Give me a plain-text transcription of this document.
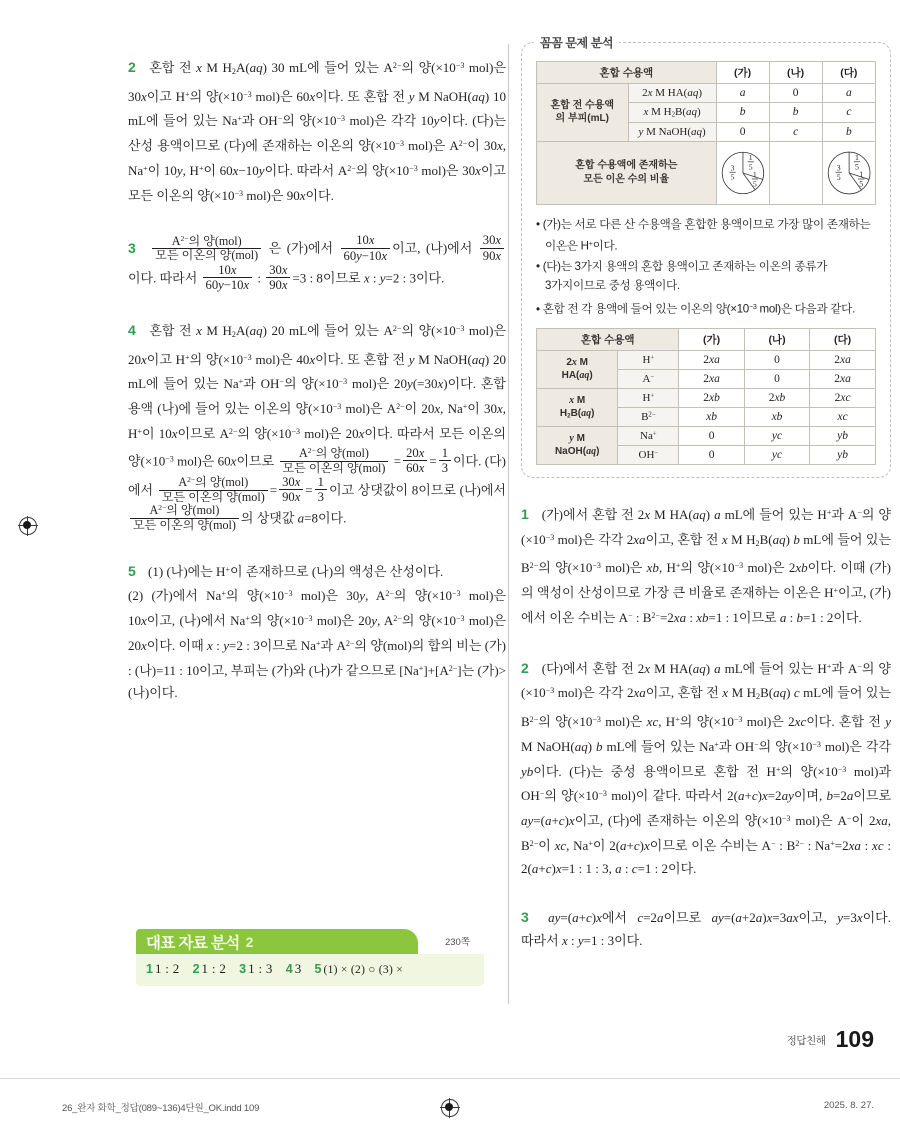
2 혼합 전 x M $H_2A(aq)$ 30 mL에 들어 있는 $A^{2-}$의 양($\times 10^{-3}$ mol)은 30x이고 H+의 양($\times 10^{-3}$ mol)은 60x이다. 또 혼합 전 y M NaOH(aq) 10 mL에 들어 있는 Na+과 OH−의 양($\times 10^{-3}$ mol)은 각각 10y이다. (다)는 산성 용액이므로 (다)에 존재하는 이온의 양($\times 10^{-3}$ mol)은 $A^{2-}$이 30x, Na+이 10y, H+이 60x−10y이다. 따라서 $A^{2-}$의 양($\times 10^{-3}$ mol)은 30x이고 모든 이온의 양($\times 10^{-3}$ mol)은 90x이다.

$3 \frac{A^{2-}의 양(mol)}{\text{모든 이온의 양(mol)}}$ 은 (가)에서 $\frac{10x}{60y-10x}$ 이고, (나)에서 $\frac{30x}{90x}$
이다. 따라서 $\frac{10x}{60y-10x}$ : $\frac{30x}{90x} =3$ : 8이므로 x : y=2 : 3이다.

4 혼합 전 x M $H_2A(aq)$ 20 mL에 들어 있는 $A^{2-}$의 양($\times 10^{-3}$ mol)은 20x이고 H+의 양($\times 10^{-3}$ mol)은 40x이다. 또 혼합 전 y M NaOH(aq) 20 mL에 들어 있는 Na+과 OH−의 양($\times 10^{-3}$ mol)은 20y(=30x)이다. 혼합 용액 (나)에 들어 있는 이온의 양($\times 10^{-3}$ mol)은 $A^{2-}$이 20x, Na+이 30x, H+이 10x이므로 $A^{2-}$의 양($\times 10^{-3}$ mol)은 20x이다. 따라서 모든 이온의 양($\times 10^{-3}$ mol)은 60x이므로 $\frac{A^{2-}의 양(mol)}{\text{모든 이온의 양(mol)}} = \frac{20x}{60x} = \frac{1}{3}$ 이다. (다)에서 $\frac{A^{2-}의 양(mol)}{\text{모든 이온의 양(mol)}} = \frac{30x}{90x} = \frac{1}{3}$ 이고 상댓값이 8이므로 (나)에서
$\frac{A^{2-}의 양(mol)}{\text{모든 이온의 양(mol)}}$ 의 상댓값 a=8이다.

5 (1) (나)에는 H+이 존재하므로 (나)의 액성은 산성이다.
(2) (가)에서 Na+의 양($\times 10^{-3}$ mol)은 30y, $A^{2-}$의 양($\times 10^{-3}$ mol)은 10x이고, (나)에서 Na+의 양($\times 10^{-3}$ mol)은 20y, $A^{2-}$의 양($\times 10^{-3}$ mol)은 20x이다. 이때 x : y=2 : 3이므로 Na+과 $A^{2-}$의 양(mol)의 합의 비는 (가) : (나)=11 : 10이고, 부피는 (가)와 (나)가 같으므로 $[Na^+]+[A^{2-}]$는 (가)>(나)이다.

대표 자료 분석 2	230쪽
1 1 : 2 2 1 : 2 3 1 : 3 4 3 5 (1) × (2) ○ (3) ×
꼼꼼 문제 분석
혼합 수용액		(가)	(나)	(다)
혼합 전 수용액
의 부피(mL)	2x M HA(aq)	a	0	a
	x M $H_2B(aq)$	b	b	c
	y M NaOH(aq)	0	c	b
혼합 수용액에 존재하는
모든 이온 수의 비율	
1
5
1
5
3
5

1
5
1
5
3
5
• (가)는 서로 다른 산 수용액을 혼합한 용액이므로 가장 많이 존재하는 이온은 H+이다.
• (다)는 3가지 용액의 혼합 용액이고 존재하는 이온의 종류가 3가지이므로 중성 용액이다.
• 혼합 전 각 용액에 들어 있는 이온의 양($\times 10^{-3}$ mol)은 다음과 같다.
혼합 수용액		(가)	(나)	(다)
2x M
HA(aq)	H+	2xa	0	2xa
	A−	2xa	0	2xa
x M
$H_2B(aq)$	H+	2xb	2xb	2xc
	$B^{2-}$	xb	xb	xc
y M
NaOH(aq)	Na+	0	yc	yb
	OH−	0	yc	yb

1 (가)에서 혼합 전 2x M HA(aq) a mL에 들어 있는 H+과 A−의 양($\times 10^{-3}$ mol)은 각각 2xa이고, 혼합 전 x M $H_2B(aq)$ b mL에 들어 있는 $B^{2-}$의 양($\times 10^{-3}$ mol)은 xb, H+의 양($\times 10^{-3}$ mol)은 2xb이다. 이때 (가)의 액성이 산성이므로 가장 큰 비율로 존재하는 이온은 H+이고, (가)에서 이온 수비는 A− : $B^{2-}=2xa$ : xb=1 : 1이므로 a : b=1 : 2이다.

2 (다)에서 혼합 전 2x M HA(aq) a mL에 들어 있는 H+과 A−의 양($\times 10^{-3}$ mol)은 각각 2xa이고, 혼합 전 x M $H_2B(aq)$ c mL에 들어 있는 $B^{2-}$의 양($\times 10^{-3}$ mol)은 xc, H+의 양($\times 10^{-3}$ mol)은 2xc이다. 혼합 전 y M NaOH(aq) b mL에 들어 있는 Na+과 OH−의 양($\times 10^{-3}$ mol)은 각각 yb이다. (다)는 중성 용액이므로 혼합 전 H+의 양($\times 10^{-3}$ mol)과 OH−의 양($\times 10^{-3}$ mol)이 같다. 따라서 2(a+c)x=2ay이며, b=2a이므로 ay=(a+c)x이고, (다)에 존재하는 이온의 양($\times 10^{-3}$ mol)은 A−이 2xa, $B^{2-}$이 xc, Na+이 2(a+c)x이므로 이온 수비는 A− : $B^{2-}$ : Na+=2xa : xc : 2(a+c)x=1 : 1 : 3, a : c=1 : 2이다.

3 ay=(a+c)x에서 c=2a이므로 ay=(a+2a)x=3ax이고, y=3x이다. 따라서 x : y=1 : 3이다.

정답친해 109
26_완자 화학_정답(089~136)4단원_OK.indd 109	2025. 8. 27.
